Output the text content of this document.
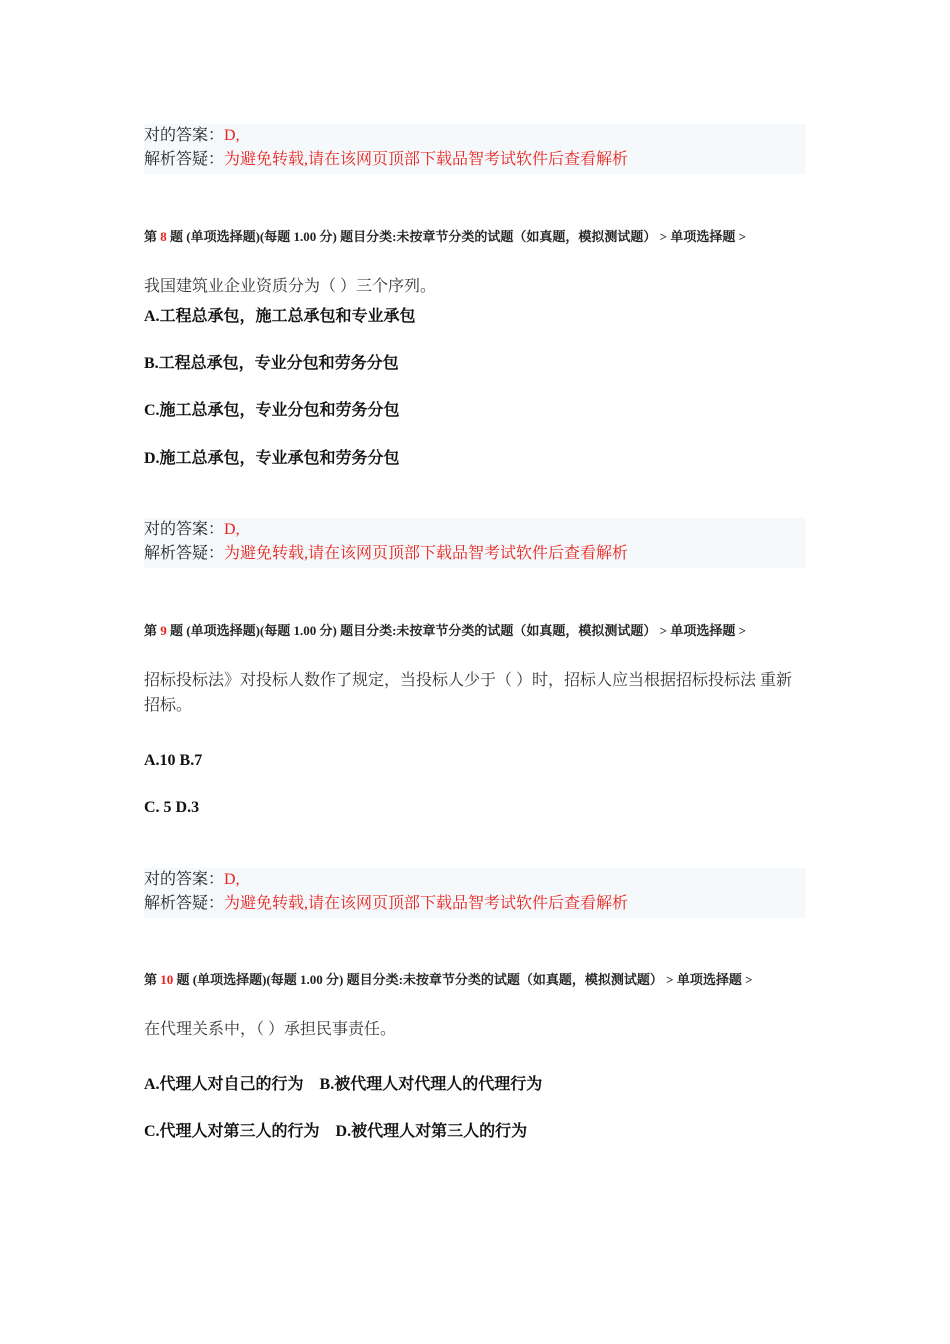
对的答案：D,
解析答疑：为避免转载,请在该网页顶部下载品智考试软件后查看解析
第 8 题 (单项选择题)(每题 1.00 分) 题目分类:未按章节分类的试题（如真题，模拟测试题） > 单项选择题 >
我国建筑业企业资质分为（ ）三个序列。
A.工程总承包，施工总承包和专业承包
B.工程总承包，专业分包和劳务分包
C.施工总承包，专业分包和劳务分包
D.施工总承包，专业承包和劳务分包
对的答案：D,
解析答疑：为避免转载,请在该网页顶部下载品智考试软件后查看解析
第 9 题 (单项选择题)(每题 1.00 分) 题目分类:未按章节分类的试题（如真题，模拟测试题） > 单项选择题 >
招标投标法》对投标人数作了规定，当投标人少于（ ）时，招标人应当根据招标投标法 重新招标。
A.10 B.7
C. 5 D.3
对的答案：D,
解析答疑：为避免转载,请在该网页顶部下载品智考试软件后查看解析
第 10 题 (单项选择题)(每题 1.00 分) 题目分类:未按章节分类的试题（如真题，模拟测试题） > 单项选择题 >
在代理关系中，（ ）承担民事责任。
A.代理人对自己的行为　B.被代理人对代理人的代理行为
C.代理人对第三人的行为　D.被代理人对第三人的行为
